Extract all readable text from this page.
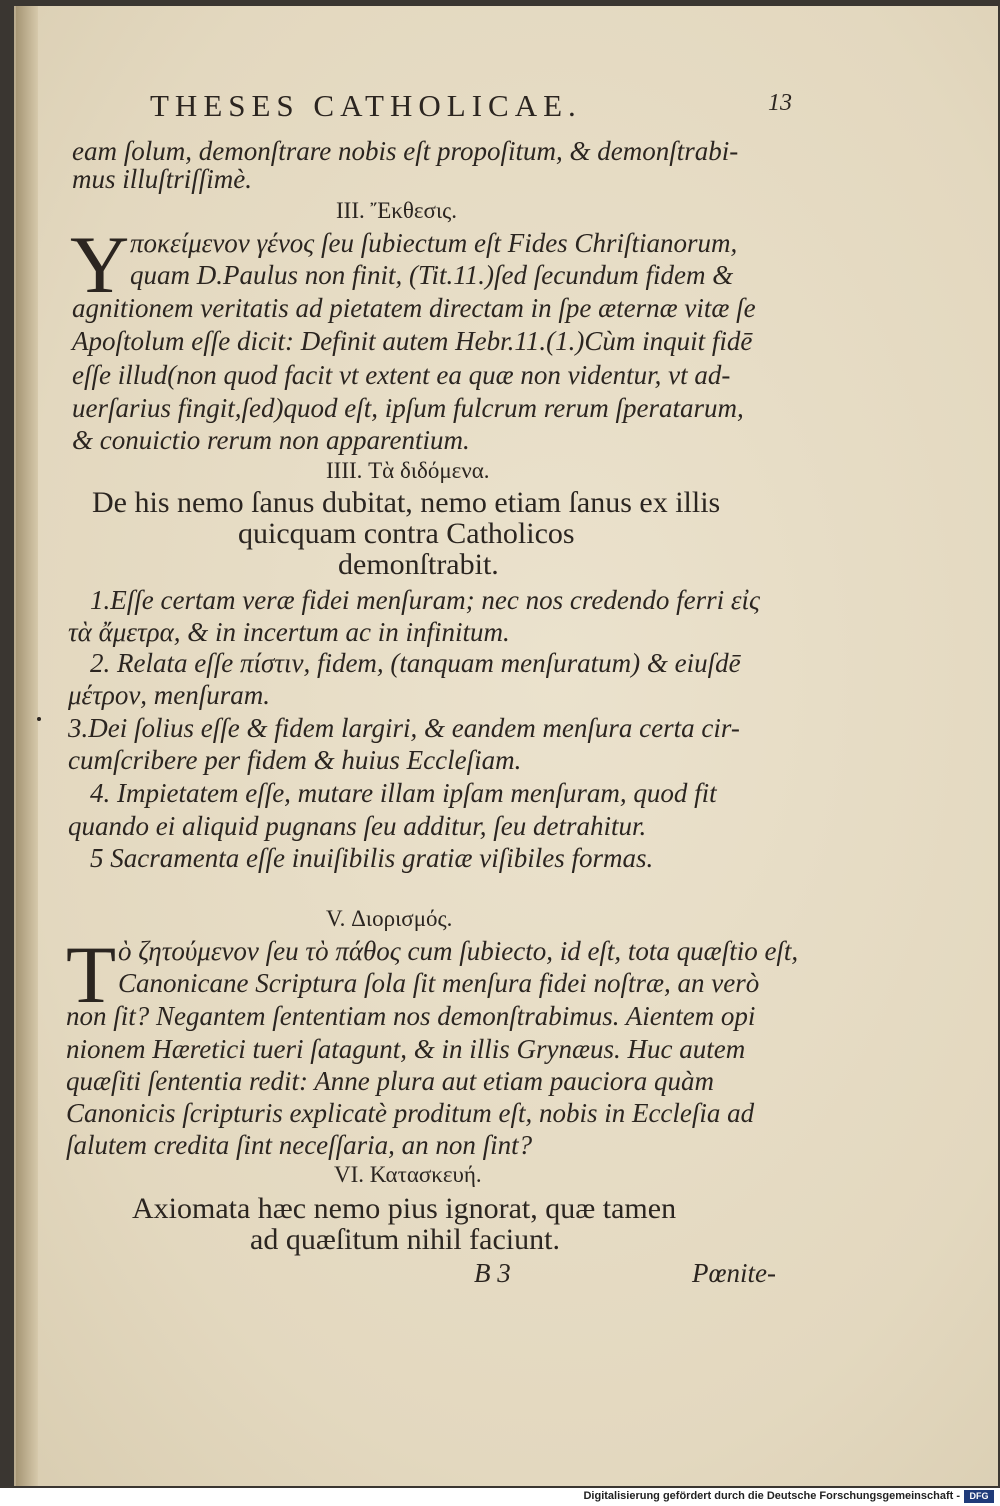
THESES CATHOLICAE.	13
eam ſolum, demonſtrare nobis eſt propoſitum, & demonſtrabi-
mus illuſtriſſimè.
III. Ἔκθεσις.
Y ποκείμενον γένος ſeu ſubiectum eſt Fides Chriſtianorum,
quam D.Paulus non finit, (Tit.11.)ſed ſecundum fidem &
agnitionem veritatis ad pietatem directam in ſpe æternæ vitæ ſe
Apoſtolum eſſe dicit: Definit autem Hebr.11.(1.)Cùm inquit fidē
eſſe illud(non quod facit vt extent ea quæ non videntur, vt ad-
uerſarius fingit,ſed)quod eſt, ipſum fulcrum rerum ſperatarum,
& conuictio rerum non apparentium.
IIII. Τὰ διδόμενα.
De his nemo ſanus dubitat, nemo etiam ſanus ex illis
quicquam contra Catholicos
demonſtrabit.
1.Eſſe certam veræ fidei menſuram; nec nos credendo ferri εἰς
τὰ ἄμετρα, & in incertum ac in infinitum.
2. Relata eſſe πίστιν, fidem, (tanquam menſuratum) & eiuſdē
μέτρον, menſuram.
3.Dei ſolius eſſe & fidem largiri, & eandem menſura certa cir-
cumſcribere per fidem & huius Eccleſiam.
4. Impietatem eſſe, mutare illam ipſam menſuram, quod fit
quando ei aliquid pugnans ſeu additur, ſeu detrahitur.
5 Sacramenta eſſe inuiſibilis gratiæ viſibiles formas.
V. Διορισμός.
T ὸ ζητούμενον ſeu τὸ πάθος cum ſubiecto, id eſt, tota quæſtio eſt,
Canonicane Scriptura ſola ſit menſura fidei noſtræ, an verò
non ſit? Negantem ſententiam nos demonſtrabimus. Aientem opi
nionem Hæretici tueri ſatagunt, & in illis Grynæus. Huc autem
quæſiti ſententia redit: Anne plura aut etiam pauciora quàm
Canonicis ſcripturis explicatè proditum eſt, nobis in Eccleſia ad
ſalutem credita ſint neceſſaria, an non ſint?
VI. Κατασκευή.
Axiomata hæc nemo pius ignorat, quæ tamen
ad quæſitum nihil faciunt.
B 3	Pœnite-
Digitalisierung gefördert durch die Deutsche Forschungsgemeinschaft -	DFG
